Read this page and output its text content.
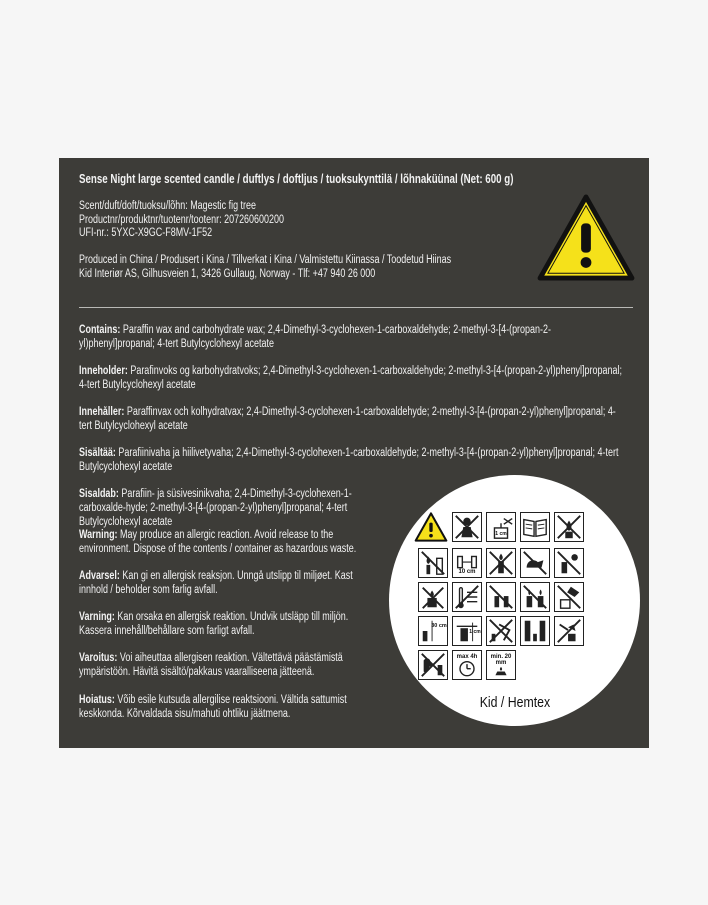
Sense Night large scented candle / duftlys / doftljus / tuoksukynttilä / lõhnaküünal (Net: 600 g)
Scent/duft/doft/tuoksu/lõhn: Magestic fig tree
Productnr/produktnr/tuotenr/tootenr: 207260600200
UFI-nr.: 5YXC-X9GC-F8MV-1F52
Produced in China / Produsert i Kina / Tillverkat i Kina / Valmistettu Kiinassa / Toodetud Hiinas
Kid Interiør AS, Gilhusveien 1, 3426 Gullaug, Norway - Tlf: +47 940 26 000
Contains: Paraffin wax and carbohydrate wax; 2,4-Dimethyl-3-cyclohexen-1-carboxaldehyde; 2-methyl-3-[4-(propan-2-yl)phenyl]propanal; 4-tert Butylcyclohexyl acetate
Inneholder: Parafinvoks og karbohydratvoks; 2,4-Dimethyl-3-cyclohexen-1-carboxaldehyde; 2-methyl-3-[4-(propan-2-yl)phenyl]propanal; 4-tert Butylcyclohexyl acetate
Innehåller: Paraffinvax och kolhydratvax; 2,4-Dimethyl-3-cyclohexen-1-carboxaldehyde; 2-methyl-3-[4-(propan-2-yl)phenyl]propanal; 4-tert Butylcyclohexyl acetate
Sisältää: Parafiinivaha ja hiilivetyvaha; 2,4-Dimethyl-3-cyclohexen-1-carboxaldehyde; 2-methyl-3-[4-(propan-2-yl)phenyl]propanal; 4-tert Butylcyclohexyl acetate
Sisaldab: Parafiin- ja süsivesinikvaha; 2,4-Dimethyl-3-cyclohexen-1-carboxalde-hyde; 2-methyl-3-[4-(propan-2-yl)phenyl]propanal; 4-tert Butylcyclohexyl acetate
Warning: May produce an allergic reaction. Avoid release to the environment. Dispose of the contents / container as hazardous waste.
Advarsel: Kan gi en allergisk reaksjon. Unngå utslipp til miljøet. Kast innhold / beholder som farlig avfall.
Varning: Kan orsaka en allergisk reaktion. Undvik utsläpp till miljön. Kassera innehåll/behållare som farligt avfall.
Varoitus: Voi aiheuttaa allergisen reaktion. Vältettävä päästämistä ympäristöön. Hävitä sisältö/pakkaus vaaralliseena jätteenä.
Hoiatus: Võib esile kutsuda allergilise reaktsiooni. Vältida sattumist keskkonda. Kõrvaldada sisu/mahuti ohtliku jäätmena.
1 cm
10 cm
30 cm
1 cm
max 4h	min. 20 mm
Kid / Hemtex
